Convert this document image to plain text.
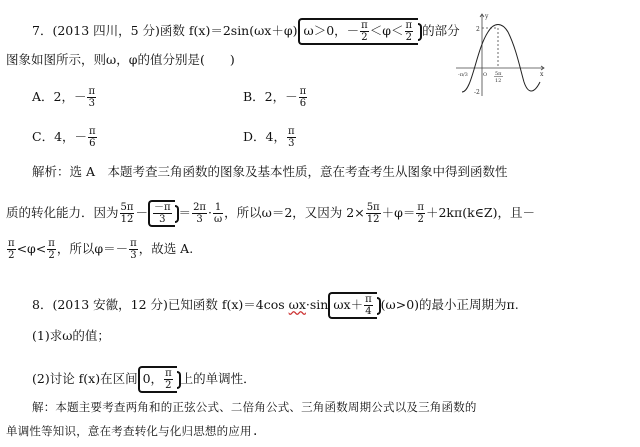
7．(2013 四川，5 分)函数 f(x)＝2sin(ωx＋φ) ω＞0，－ $\frac{\pi}{2} <\varphi< \frac{\pi}{2}$ 的部分
图象如图所示，则ω，φ的值分别是(　　)
A．2，－ $\frac{\pi}{3}$	B．2，－ $\frac{\pi}{6}$
C．4，－ $\frac{\pi}{6}$	D．4， $\frac{\pi}{3}$
解析：选 A　本题考查三角函数的图象及基本性质，意在考查考生从图象中得到函数性
质的转化能力．因为 $\frac{5\pi}{12} - \frac{-\pi}{3} = \frac{2\pi}{3} \cdot \frac{1}{\omega}$ ，所以ω＝2，又因为 $2\times \frac{5\pi}{12} +\varphi= \frac{\pi}{2}$ ＋2kπ(k∈Z)，且－
$\frac{\pi}{2} <\varphi< \frac{\pi}{2}$ ，所以$\varphi=- \frac{\pi}{3}$ ，故选 A.
8．(2013 安徽，12 分)已知函数 f(x)＝4cos ωx·sin $\omega x+ \frac{\pi}{4} (\omega>0)$的最小正周期为π.
(1)求ω的值；
(2)讨论 f(x)在区间 0， $\frac{\pi}{2}$ 上的单调性．
解：本题主要考查两角和的正弦公式、二倍角公式、三角函数周期公式以及三角函数的
单调性等知识，意在考查转化与化归思想的应用.
2
-2
-π/3	O 5π
12
x
y
